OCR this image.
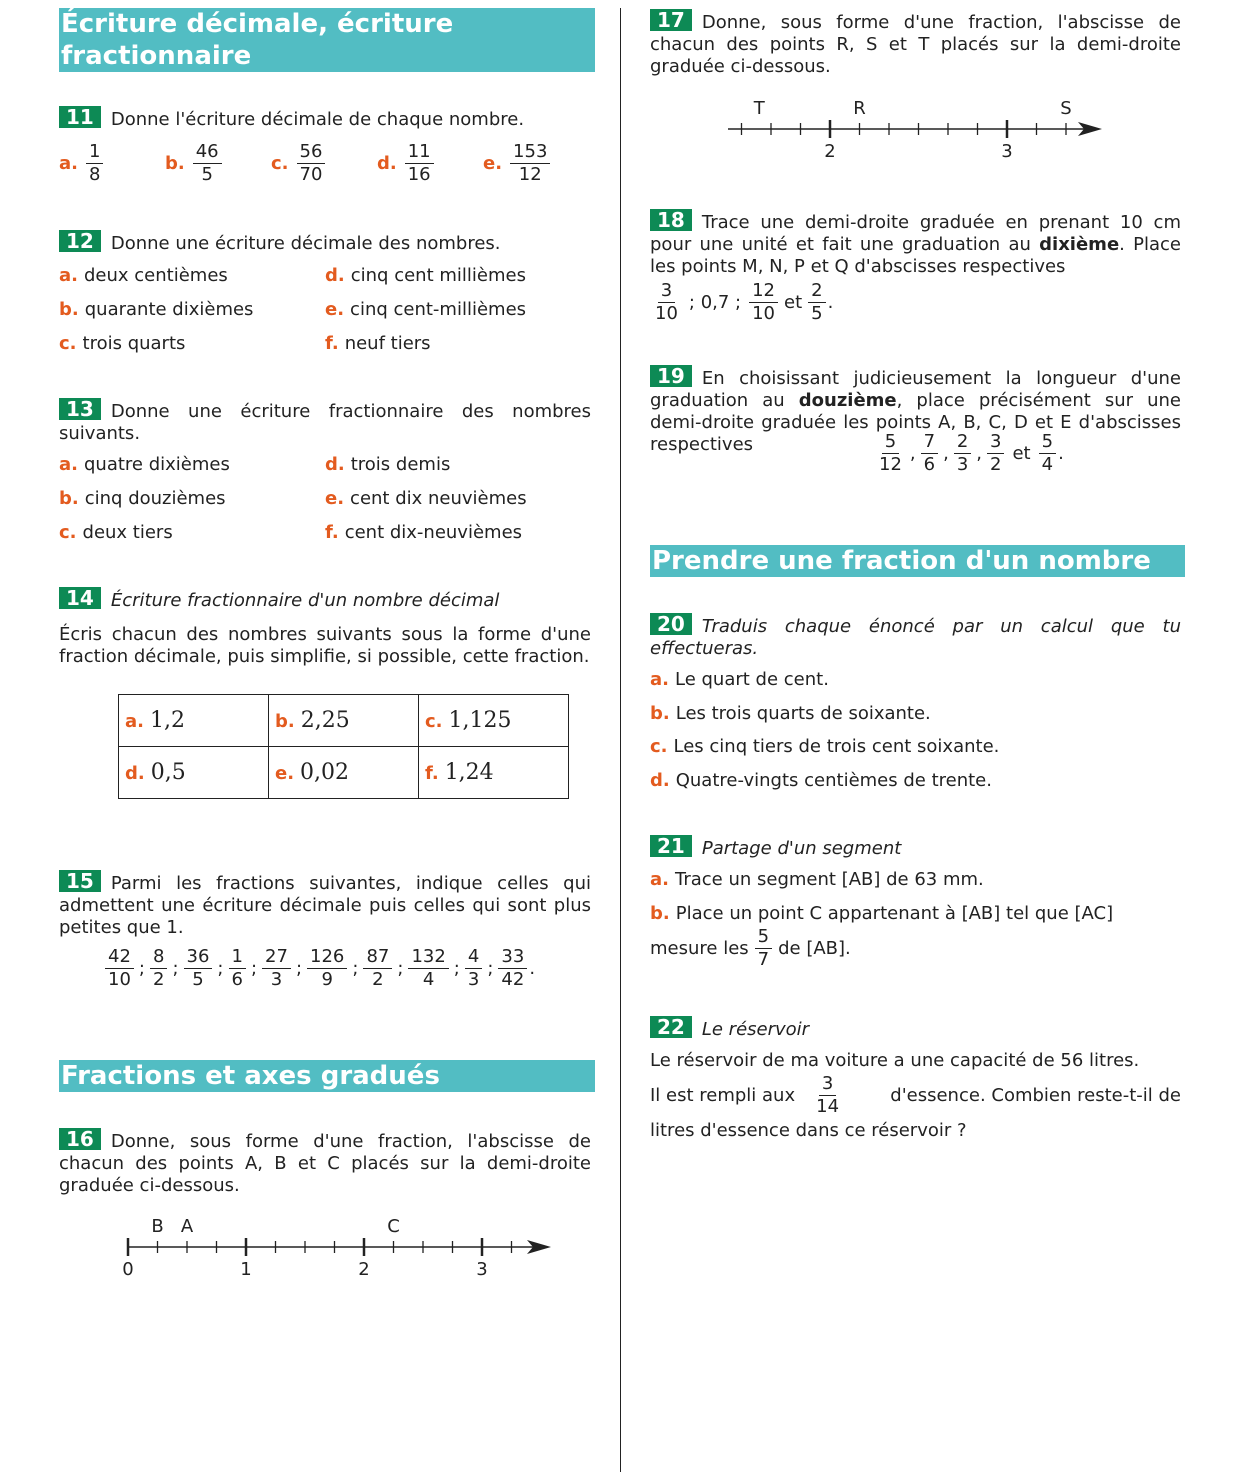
Écriture décimale, écriture fractionnaire
11 Donne l'écriture décimale de chaque nombre.
a. $\frac{1}{8}$	b. $\frac{46}{5}$	c. $\frac{56}{70}$	d. $\frac{11}{16}$	e. $\frac{153}{12}$
12 Donne une écriture décimale des nombres.
a. deux centièmes
b. quarante dixièmes
c. trois quarts
d. cinq cent millièmes
e. cinq cent-millièmes
f. neuf tiers
13 Donne une écriture fractionnaire des nombres suivants.
a. quatre dixièmes
b. cinq douzièmes
c. deux tiers
d. trois demis
e. cent dix neuvièmes
f. cent dix-neuvièmes
14 Écriture fractionnaire d'un nombre décimal
Écris chacun des nombres suivants sous la forme d'une fraction décimale, puis simplifie, si possible, cette fraction.
a. 1,2	b. 2,25	c. 1,125
d. 0,5	e. 0,02	f. 1,24
15 Parmi les fractions suivantes, indique celles qui admettent une écriture décimale puis celles qui sont plus petites que 1.
$\frac{42}{10}$ ; $\frac{8}{2}$ ; $\frac{36}{5}$ ; $\frac{1}{6}$ ; $\frac{27}{3}$ ; $\frac{126}{9}$ ; $\frac{87}{2}$ ; $\frac{132}{4}$ ; $\frac{4}{3}$ ; $\frac{33}{42}$ .
Fractions et axes gradués
16 Donne, sous forme d'une fraction, l'abscisse de chacun des points A, B et C placés sur la demi-droite graduée ci-dessous.
0	1	2	3
B A	C
17 Donne, sous forme d'une fraction, l'abscisse de chacun des points R, S et T placés sur la demi-droite graduée ci-dessous.
2	3
T	R	S
18 Trace une demi-droite graduée en prenant 10 cm pour une unité et fait une graduation au dixième. Place les points M, N, P et Q d'abscisses respectives
$\frac{3}{10}$ ; 0,7 ; $\frac{12}{10}$ et $\frac{2}{5}$ .
19 En choisissant judicieusement la longueur d'une graduation au douzième, place précisément sur une demi-droite graduée les points A, B, C, D et E d'abscisses respectives	$\frac{5}{12}$ , $\frac{7}{6}$ , $\frac{2}{3}$ , $\frac{3}{2}$ et $\frac{5}{4}$ .
Prendre une fraction d'un nombre
20 Traduis chaque énoncé par un calcul que tu effectueras.
a. Le quart de cent.
b. Les trois quarts de soixante.
c. Les cinq tiers de trois cent soixante.
d. Quatre-vingts centièmes de trente.
21 Partage d'un segment
a. Trace un segment [AB] de 63 mm.
b. Place un point C appartenant à [AB] tel que [AC]
mesure les $\frac{5}{7}$ de [AB].
22 Le réservoir
Le réservoir de ma voiture a une capacité de 56 litres.
Il est rempli aux $\frac{3}{14}$	d'essence. Combien reste-t-il de
litres d'essence dans ce réservoir ?
